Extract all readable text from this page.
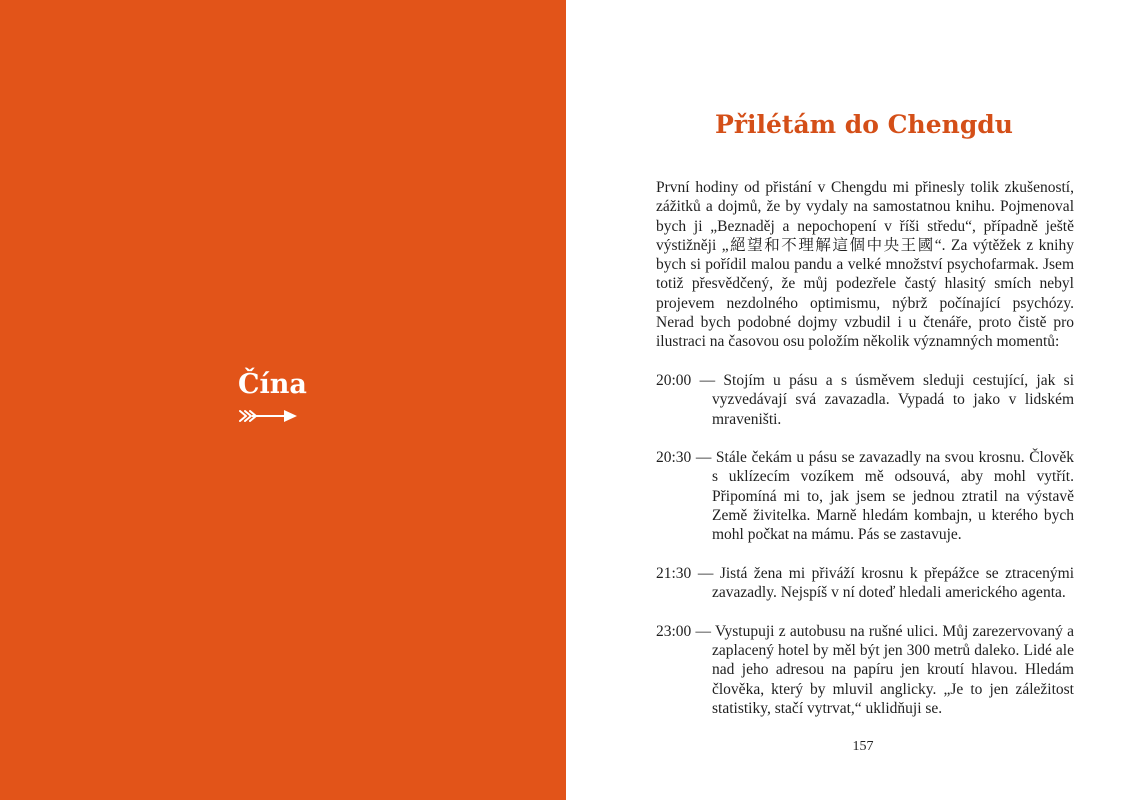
Čína
Přilétám do Chengdu

První hodiny od přistání v Chengdu mi přinesly tolik zkušeností, zážitků a dojmů, že by vydaly na samostatnou knihu. Pojmenoval bych ji „Beznaděj a nepochopení v říši středu“, případně ještě výstižněji „絕望和不理解這個中央王國“. Za výtěžek z knihy bych si pořídil malou pandu a velké množství psychofarmak. Jsem totiž přesvědčený, že můj podezřele častý hlasitý smích nebyl projevem nezdolného optimismu, nýbrž počínající psychózy. Nerad bych podobné dojmy vzbudil i u čtenáře, proto čistě pro ilustraci na časovou osu položím několik významných momentů:

20:00 — Stojím u pásu a s úsměvem sleduji cestující, jak si vyzvedávají svá zavazadla. Vypadá to jako v lidském mraveništi.
20:30 — Stále čekám u pásu se zavazadly na svou krosnu. Člověk s uklízecím vozíkem mě odsouvá, aby mohl vytřít. Připomíná mi to, jak jsem se jednou ztratil na výstavě Země živitelka. Marně hledám kombajn, u kterého bych mohl počkat na mámu. Pás se zastavuje.
21:30 — Jistá žena mi přiváží krosnu k přepážce se ztracenými zavazadly. Nejspíš v ní doteď hledali amerického agenta.
23:00 — Vystupuji z autobusu na rušné ulici. Můj zarezervovaný a zaplacený hotel by měl být jen 300 metrů daleko. Lidé ale nad jeho adresou na papíru jen kroutí hlavou. Hledám člověka, který by mluvil anglicky. „Je to jen záležitost statistiky, stačí vytrvat,“ uklidňuji se.
157
